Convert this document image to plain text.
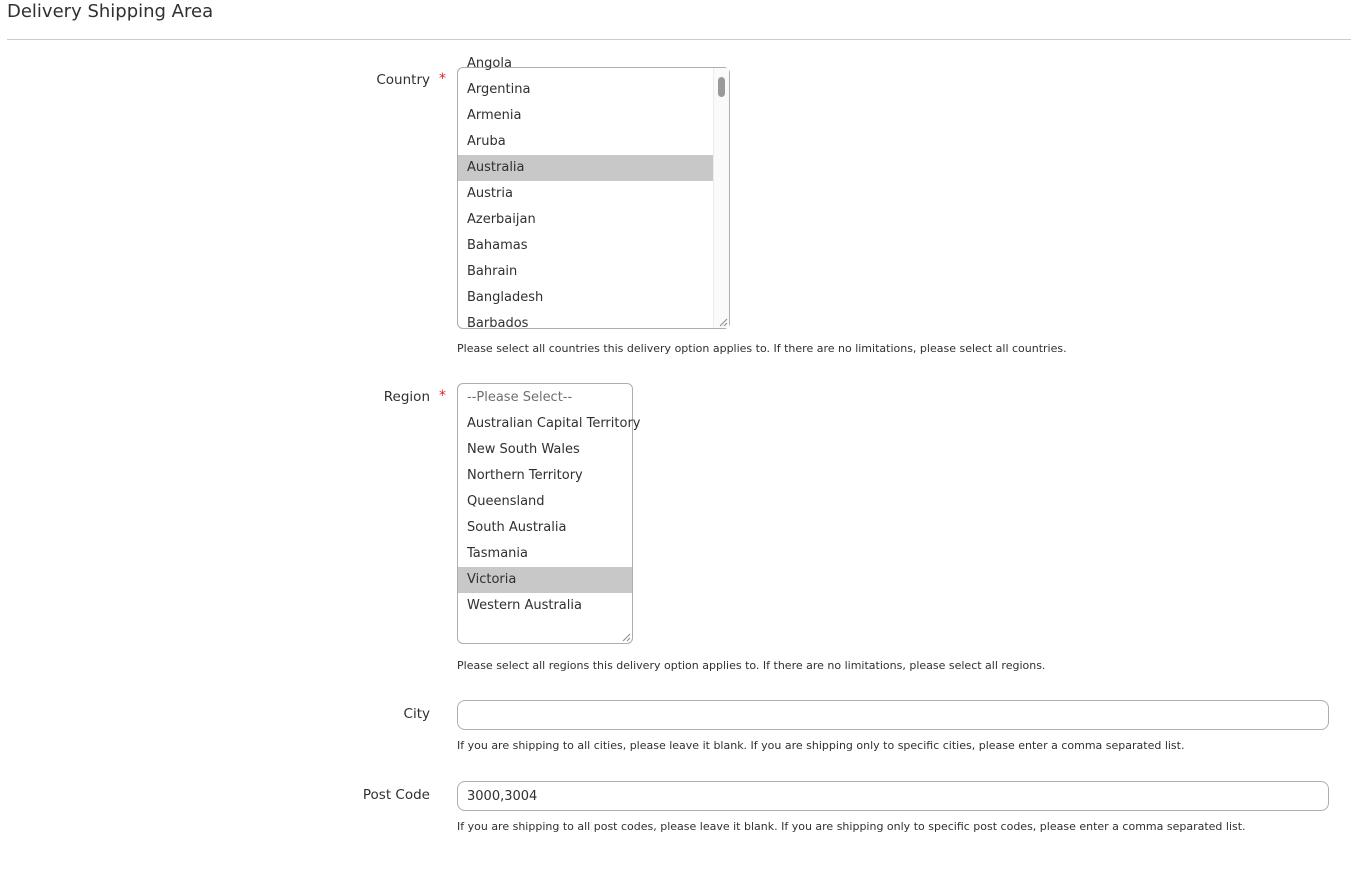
Delivery Shipping Area
Country *
Angola
Argentina
Armenia
Aruba
Australia
Austria
Azerbaijan
Bahamas
Bahrain
Bangladesh
Barbados
Please select all countries this delivery option applies to. If there are no limitations, please select all countries.
Region *	--Please Select--
Australian Capital Territory
New South Wales
Northern Territory
Queensland
South Australia
Tasmania
Victoria
Western Australia
Please select all regions this delivery option applies to. If there are no limitations, please select all regions.
City
If you are shipping to all cities, please leave it blank. If you are shipping only to specific cities, please enter a comma separated list.
Post Code
3000,3004
If you are shipping to all post codes, please leave it blank. If you are shipping only to specific post codes, please enter a comma separated list.
